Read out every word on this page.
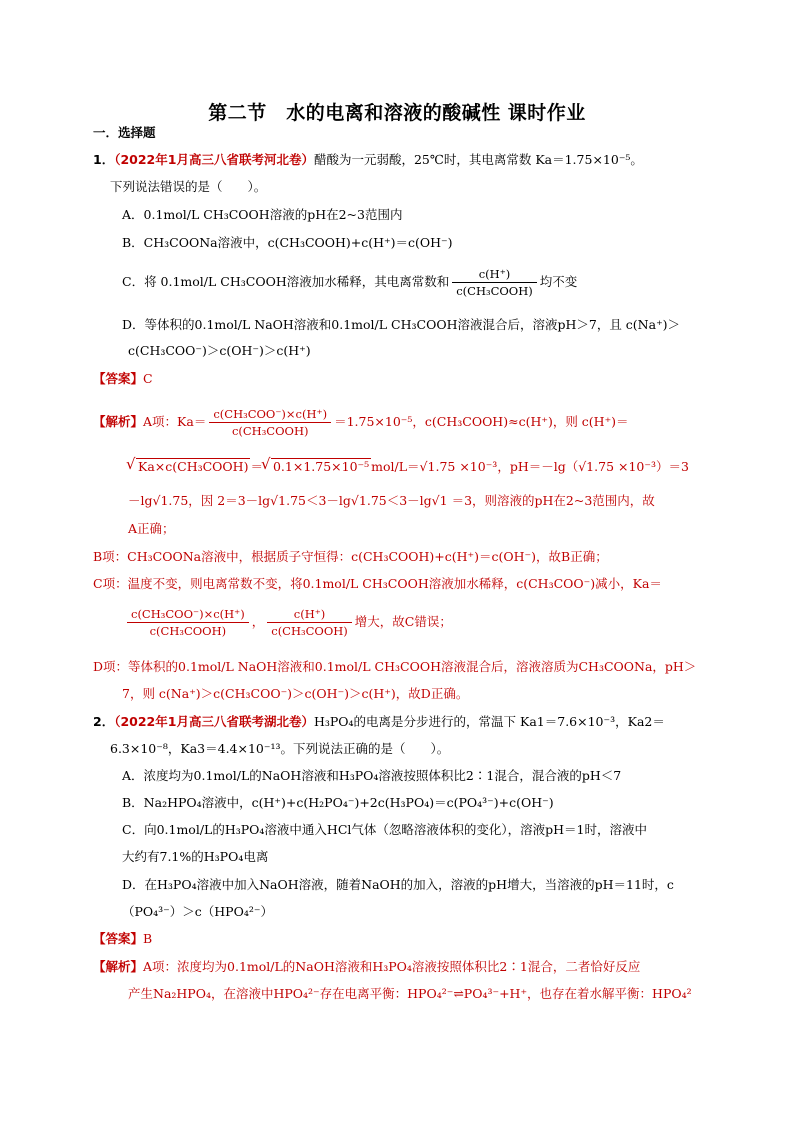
第二节　水的电离和溶液的酸碱性 课时作业
一．选择题
1．（2022年1月高三八省联考河北卷）醋酸为一元弱酸，25℃时，其电离常数 Ka＝1.75×10⁻⁵。
下列说法错误的是（　　）。
A．0.1mol/L CH₃COOH溶液的pH在2~3范围内
B．CH₃COONa溶液中，c(CH₃COOH)+c(H⁺)＝c(OH⁻)
C．将 0.1mol/L CH₃COOH溶液加水稀释，其电离常数和 $\frac{c(H^+)}{\text{c(CH₃COOH)}}$ 均不变
D．等体积的0.1mol/L NaOH溶液和0.1mol/L CH₃COOH溶液混合后，溶液pH＞7，且 c(Na⁺)＞
c(CH₃COO⁻)＞c(OH⁻)＞c(H⁺)
【答案】C
【解析】A项：$Ka= \frac{\text{c(CH₃COO⁻)×c(H⁺)}}{\text{c(CH₃COOH)}} =1.75\times 10^{-5}$，c(CH₃COOH)≈c(H⁺)，则 c(H⁺)＝
√ Ka×c(CH₃COOH) ＝√ 0.1×1.75×10⁻⁵ mol/L＝√1.75 ×10⁻³，pH＝－lg（√1.75 ×10⁻³）＝3
－lg√1.75，因 2＝3－lg√1.75＜3－lg√1.75＜3－lg√1 ＝3，则溶液的pH在2~3范围内，故
A正确；
B项：CH₃COONa溶液中，根据质子守恒得：c(CH₃COOH)+c(H⁺)＝c(OH⁻)，故B正确；
C项：温度不变，则电离常数不变，将0.1mol/L CH₃COOH溶液加水稀释，c(CH₃COO⁻)减小，Ka＝
$\frac{\text{c(CH₃COO⁻)×c(H⁺)}}{\text{c(CH₃COOH)}}$ ， $\frac{c(H^+)}{\text{c(CH₃COOH)}}$ 增大，故C错误；
D项：等体积的0.1mol/L NaOH溶液和0.1mol/L CH₃COOH溶液混合后，溶液溶质为CH₃COONa，pH＞
7，则 c(Na⁺)＞c(CH₃COO⁻)＞c(OH⁻)＞c(H⁺)，故D正确。
2．（2022年1月高三八省联考湖北卷）H₃PO₄的电离是分步进行的，常温下 Ka1＝7.6×10⁻³，Ka2＝
6.3×10⁻⁸，Ka3＝4.4×10⁻¹³。下列说法正确的是（　　）。
A．浓度均为0.1mol/L的NaOH溶液和H₃PO₄溶液按照体积比2∶1混合，混合液的pH＜7
B．Na₂HPO₄溶液中，c(H⁺)+c(H₂PO₄⁻)+2c(H₃PO₄)＝c(PO₄³⁻)+c(OH⁻)
C．向0.1mol/L的H₃PO₄溶液中通入HCl气体（忽略溶液体积的变化），溶液pH＝1时，溶液中
大约有7.1%的H₃PO₄电离
D．在H₃PO₄溶液中加入NaOH溶液，随着NaOH的加入，溶液的pH增大，当溶液的pH＝11时，c
（PO₄³⁻）＞c（HPO₄²⁻）
【答案】B
【解析】A项：浓度均为0.1mol/L的NaOH溶液和H₃PO₄溶液按照体积比2∶1混合，二者恰好反应
产生Na₂HPO₄，在溶液中HPO₄²⁻存在电离平衡：HPO₄²⁻⇌PO₄³⁻+H⁺，也存在着水解平衡：HPO₄²
